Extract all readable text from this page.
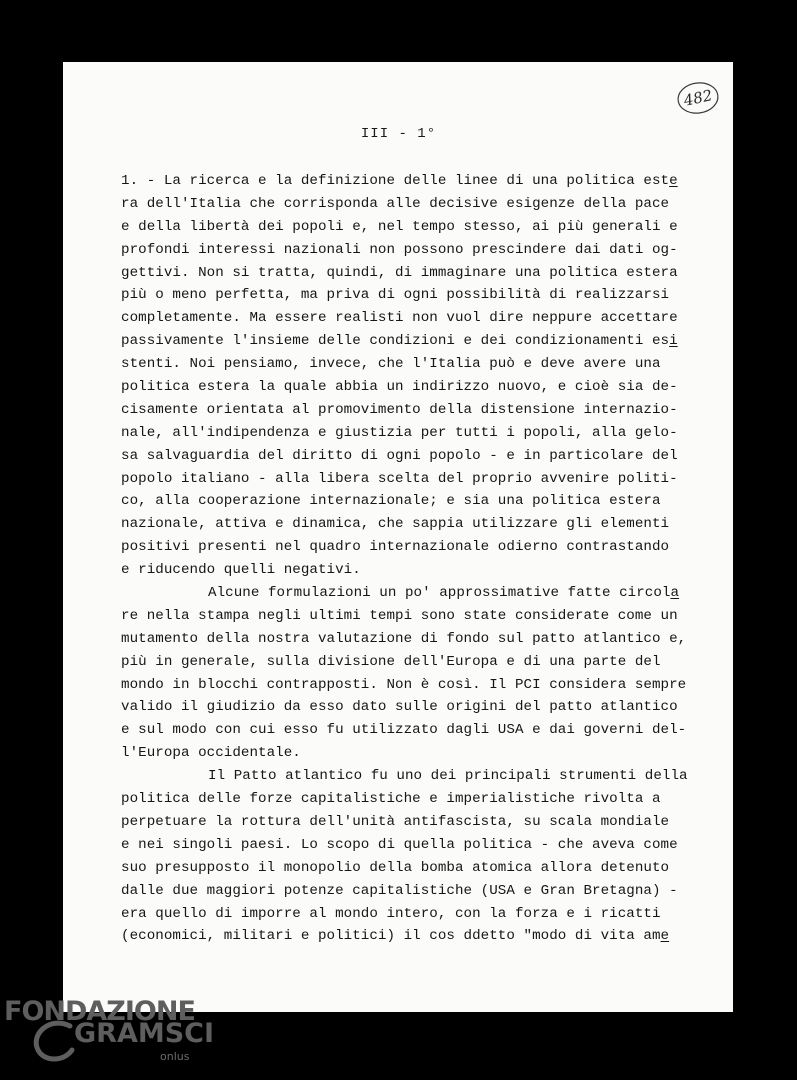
482
III - 1°
1. - La ricerca e la definizione delle linee di una politica este
ra dell'Italia che corrisponda alle decisive esigenze della pace
e della libertà dei popoli e, nel tempo stesso, ai più generali e
profondi interessi nazionali non possono prescindere dai dati og-
gettivi. Non si tratta, quindi, di immaginare una politica estera
più o meno perfetta, ma priva di ogni possibilità di realizzarsi
completamente. Ma essere realisti non vuol dire neppure accettare
passivamente l'insieme delle condizioni e dei condizionamenti esi
stenti. Noi pensiamo, invece, che l'Italia può e deve avere una
politica estera la quale abbia un indirizzo nuovo, e cioè sia de-
cisamente orientata al promovimento della distensione internazio-
nale, all'indipendenza e giustizia per tutti i popoli, alla gelo-
sa salvaguardia del diritto di ogni popolo - e in particolare del
popolo italiano - alla libera scelta del proprio avvenire politi-
co, alla cooperazione internazionale; e sia una politica estera
nazionale, attiva e dinamica, che sappia utilizzare gli elementi
positivi presenti nel quadro internazionale odierno contrastando
e riducendo quelli negativi.
Alcune formulazioni un po' approssimative fatte circola
re nella stampa negli ultimi tempi sono state considerate come un
mutamento della nostra valutazione di fondo sul patto atlantico e,
più in generale, sulla divisione dell'Europa e di una parte del
mondo in blocchi contrapposti. Non è così. Il PCI considera sempre
valido il giudizio da esso dato sulle origini del patto atlantico
e sul modo con cui esso fu utilizzato dagli USA e dai governi del-
l'Europa occidentale.
Il Patto atlantico fu uno dei principali strumenti della
politica delle forze capitalistiche e imperialistiche rivolta a
perpetuare la rottura dell'unità antifascista, su scala mondiale
e nei singoli paesi. Lo scopo di quella politica - che aveva come
suo presupposto il monopolio della bomba atomica allora detenuto
dalle due maggiori potenze capitalistiche (USA e Gran Bretagna) -
era quello di imporre al mondo intero, con la forza e i ricatti
(economici, militari e politici) il cos ddetto "modo di vita ame
FONDAZIONE
GRAMSCI
onlus
